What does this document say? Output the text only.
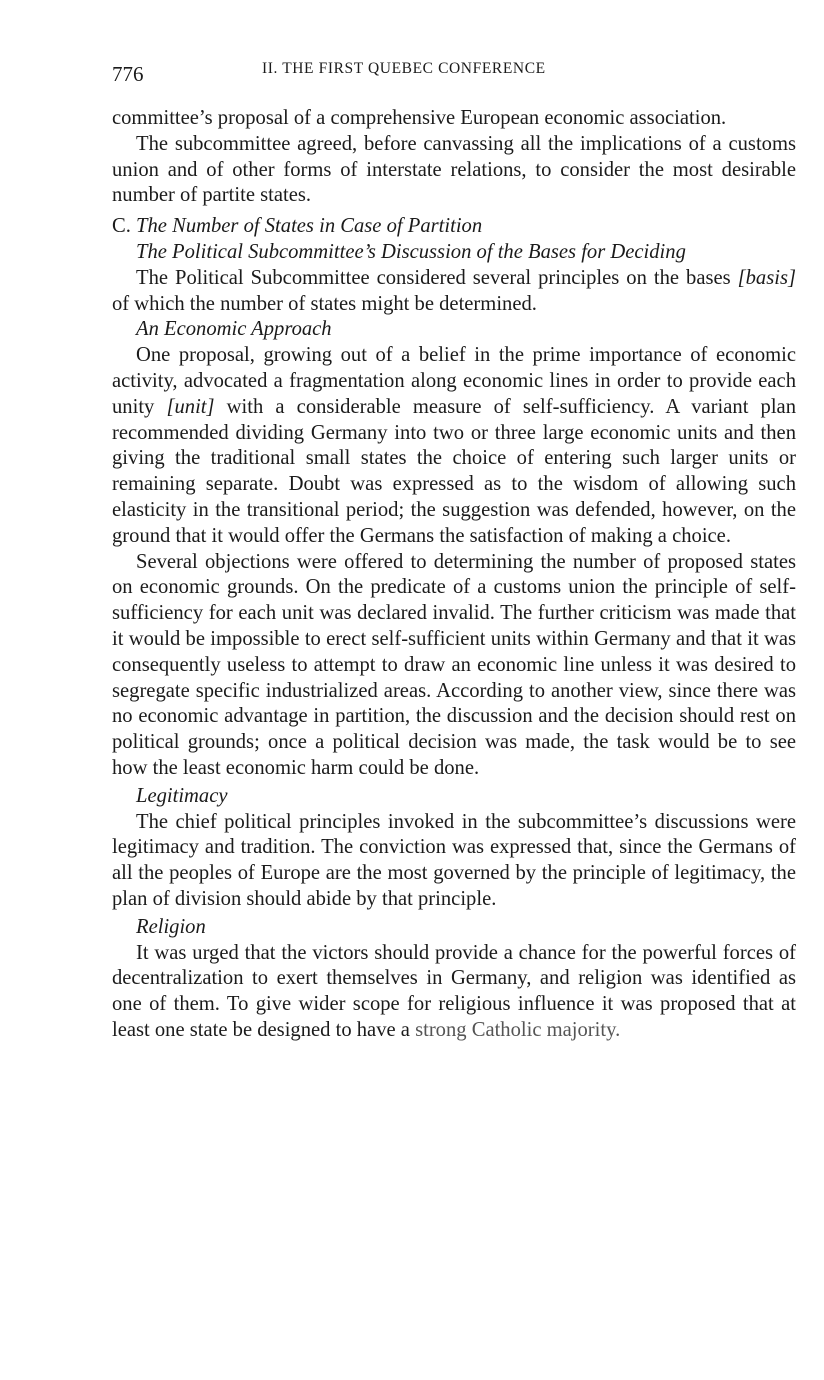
776	II. THE FIRST QUEBEC CONFERENCE

committee’s proposal of a comprehensive European economic association.

The subcommittee agreed, before canvassing all the implications of a customs union and of other forms of interstate relations, to consider the most desirable number of partite states.

C. The Number of States in Case of Partition
The Political Subcommittee’s Discussion of the Bases for Deciding

The Political Subcommittee considered several principles on the bases [basis] of which the number of states might be determined.

An Economic Approach

One proposal, growing out of a belief in the prime importance of economic activity, advocated a fragmentation along economic lines in order to provide each unity [unit] with a considerable measure of self-sufficiency. A variant plan recommended dividing Germany into two or three large economic units and then giving the traditional small states the choice of entering such larger units or remaining separate. Doubt was expressed as to the wisdom of allowing such elasticity in the transitional period; the suggestion was defended, however, on the ground that it would offer the Germans the satisfaction of making a choice.

Several objections were offered to determining the number of proposed states on economic grounds. On the predicate of a customs union the principle of self-sufficiency for each unit was declared invalid. The further criticism was made that it would be impossible to erect self-sufficient units within Germany and that it was consequently useless to attempt to draw an economic line unless it was desired to segregate specific industrialized areas. According to another view, since there was no economic advantage in partition, the discussion and the decision should rest on political grounds; once a political decision was made, the task would be to see how the least economic harm could be done.

Legitimacy

The chief political principles invoked in the subcommittee’s discussions were legitimacy and tradition. The conviction was expressed that, since the Germans of all the peoples of Europe are the most governed by the principle of legitimacy, the plan of division should abide by that principle.

Religion

It was urged that the victors should provide a chance for the powerful forces of decentralization to exert themselves in Germany, and religion was identified as one of them. To give wider scope for religious influence it was proposed that at least one state be designed to have a strong Catholic majority.
